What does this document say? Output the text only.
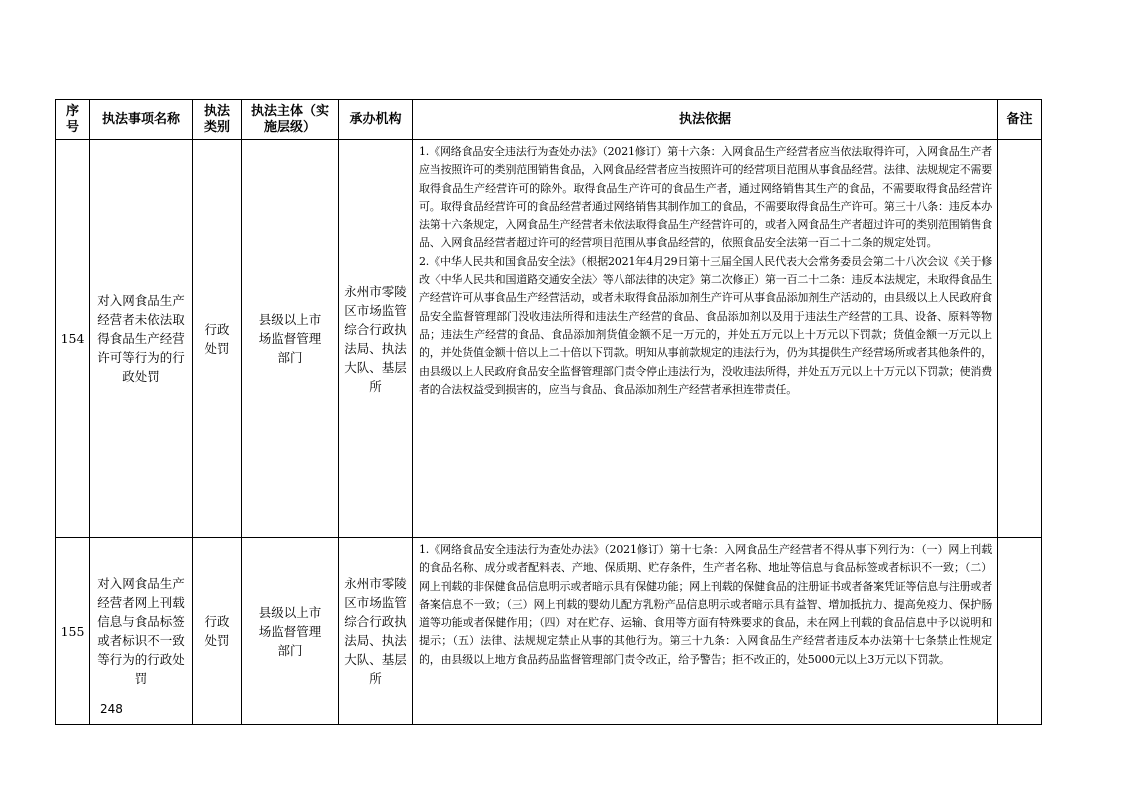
序号	执法事项名称	执法类别	执法主体（实施层级）	承办机构	执法依据	备注
154	对入网食品生产经营者未依法取得食品生产经营许可等行为的行政处罚	行政处罚	县级以上市场监督管理部门	永州市零陵区市场监管综合行政执法局、执法大队、基层所	1.《网络食品安全违法行为查处办法》（2021修订）第十六条：入网食品生产经营者应当依法取得许可，入网食品生产者应当按照许可的类别范围销售食品，入网食品经营者应当按照许可的经营项目范围从事食品经营。法律、法规规定不需要取得食品生产经营许可的除外。取得食品生产许可的食品生产者，通过网络销售其生产的食品，不需要取得食品经营许可。取得食品经营许可的食品经营者通过网络销售其制作加工的食品，不需要取得食品生产许可。第三十八条：违反本办法第十六条规定，入网食品生产经营者未依法取得食品生产经营许可的，或者入网食品生产者超过许可的类别范围销售食品、入网食品经营者超过许可的经营项目范围从事食品经营的，依照食品安全法第一百二十二条的规定处罚。

2.《中华人民共和国食品安全法》（根据2021年4月29日第十三届全国人民代表大会常务委员会第二十八次会议《关于修改〈中华人民共和国道路交通安全法〉等八部法律的决定》第二次修正）第一百二十二条：违反本法规定，未取得食品生产经营许可从事食品生产经营活动，或者未取得食品添加剂生产许可从事食品添加剂生产活动的，由县级以上人民政府食品安全监督管理部门没收违法所得和违法生产经营的食品、食品添加剂以及用于违法生产经营的工具、设备、原料等物品；违法生产经营的食品、食品添加剂货值金额不足一万元的，并处五万元以上十万元以下罚款；货值金额一万元以上的，并处货值金额十倍以上二十倍以下罚款。明知从事前款规定的违法行为，仍为其提供生产经营场所或者其他条件的，由县级以上人民政府食品安全监督管理部门责令停止违法行为，没收违法所得，并处五万元以上十万元以下罚款；使消费者的合法权益受到损害的，应当与食品、食品添加剂生产经营者承担连带责任。	

155	对入网食品生产经营者网上刊载信息与食品标签或者标识不一致等行为的行政处罚	行政处罚	县级以上市场监督管理部门	永州市零陵区市场监管综合行政执法局、执法大队、基层所	1.《网络食品安全违法行为查处办法》（2021修订）第十七条：入网食品生产经营者不得从事下列行为：（一）网上刊载的食品名称、成分或者配料表、产地、保质期、贮存条件，生产者名称、地址等信息与食品标签或者标识不一致；（二）网上刊载的非保健食品信息明示或者暗示具有保健功能；网上刊载的保健食品的注册证书或者备案凭证等信息与注册或者备案信息不一致；（三）网上刊载的婴幼儿配方乳粉产品信息明示或者暗示具有益智、增加抵抗力、提高免疫力、保护肠道等功能或者保健作用；（四）对在贮存、运输、食用等方面有特殊要求的食品，未在网上刊载的食品信息中予以说明和提示；（五）法律、法规规定禁止从事的其他行为。第三十九条：入网食品生产经营者违反本办法第十七条禁止性规定的，由县级以上地方食品药品监督管理部门责令改正，给予警告；拒不改正的，处5000元以上3万元以下罚款。	

248
